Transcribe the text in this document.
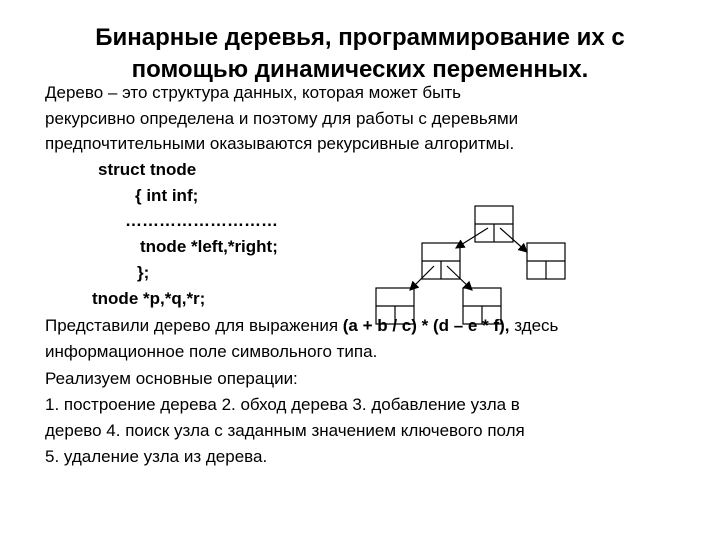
Бинарные деревья, программирование их с
помощью динамических переменных.
Дерево – это структура данных, которая может быть
рекурсивно определена и поэтому для работы с деревьями
предпочтительными оказываются рекурсивные алгоритмы.
struct tnode
{ int inf;
………………………
tnode *left,*right;
};
tnode *p,*q,*r;
Представили дерево для выражения (a + b / c) * (d – e * f), здесь
информационное поле символьного типа.
Реализуем основные операции:
1. построение дерева 2. обход дерева 3. добавление узла в
дерево 4. поиск узла с заданным значением ключевого поля
5. удаление узла из дерева.
